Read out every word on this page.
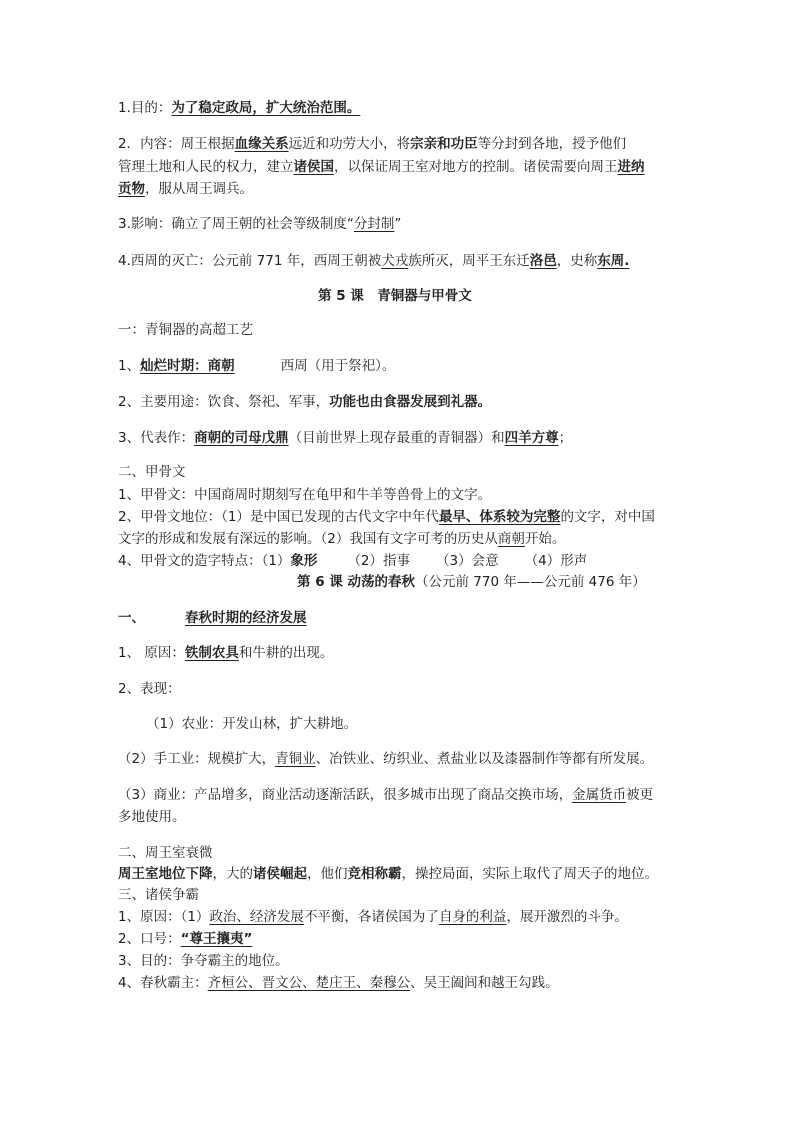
1.目的：为了稳定政局，扩大统治范围。
2．内容：周王根据血缘关系远近和功劳大小，将宗亲和功臣等分封到各地，授予他们
管理土地和人民的权力，建立诸侯国，以保证周王室对地方的控制。诸侯需要向周王进纳
贡物，服从周王调兵。
3.影响：确立了周王朝的社会等级制度“分封制”
4.西周的灭亡：公元前 771 年，西周王朝被犬戎族所灭，周平王东迁洛邑，史称东周.
第 5 课　青铜器与甲骨文
一：青铜器的高超工艺
1、灿烂时期：商朝	西周（用于祭祀）。
2、主要用途：饮食、祭祀、军事，功能也由食器发展到礼器。
3、代表作：商朝的司母戊鼎（目前世界上现存最重的青铜器）和四羊方尊；
二、甲骨文
1、甲骨文：中国商周时期刻写在龟甲和牛羊等兽骨上的文字。
2、甲骨文地位：（1）是中国已发现的古代文字中年代最早、体系较为完整的文字，对中国
文字的形成和发展有深远的影响。（2）我国有文字可考的历史从商朝开始。
4、甲骨文的造字特点：（1）象形 （2）指事 （3）会意 （4）形声
第 6 课 动荡的春秋（公元前 770 年——公元前 476 年）
一、	春秋时期的经济发展
1、 原因：铁制农具和牛耕的出现。
2、表现：
（1）农业：开发山林，扩大耕地。
（2）手工业：规模扩大，青铜业、冶铁业、纺织业、煮盐业以及漆器制作等都有所发展。
（3）商业：产品增多，商业活动逐渐活跃，很多城市出现了商品交换市场，金属货币被更
多地使用。
二、周王室衰微
周王室地位下降，大的诸侯崛起，他们竞相称霸，操控局面，实际上取代了周天子的地位。
三、诸侯争霸
1、原因：（1）政治、经济发展不平衡，各诸侯国为了自身的利益，展开激烈的斗争。
2、口号：“尊王攘夷”
3、目的：争夺霸主的地位。
4、春秋霸主：齐桓公、晋文公、楚庄王、秦穆公、吴王阖闾和越王勾践。
